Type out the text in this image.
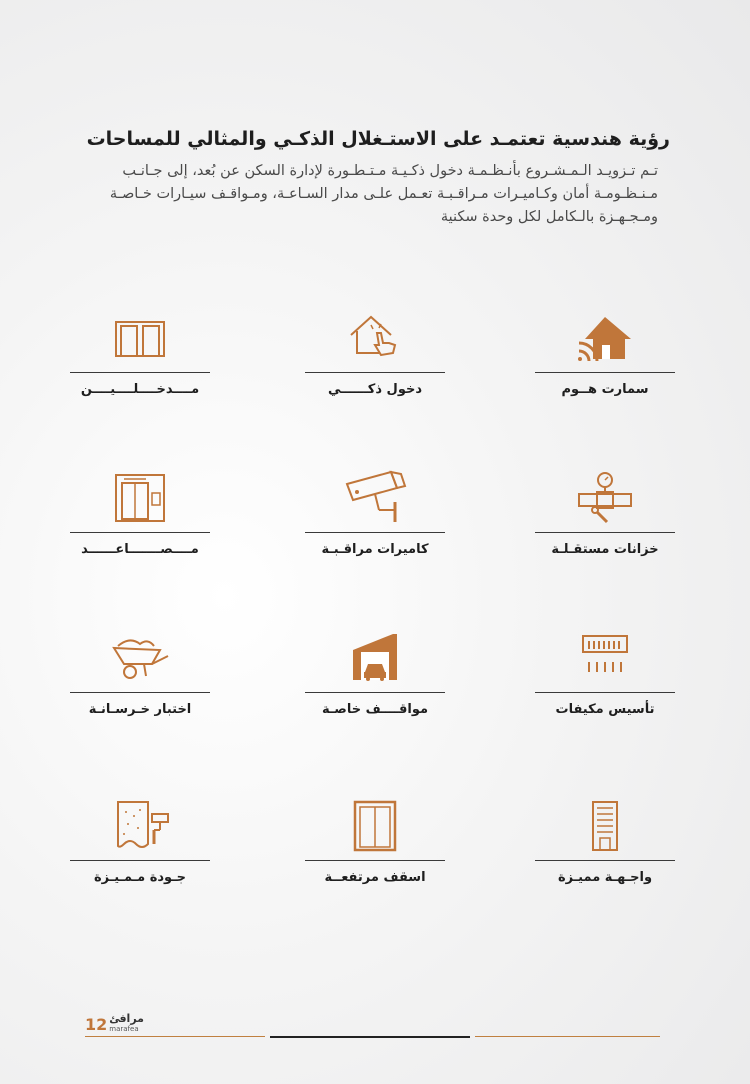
رؤية هندسية تعتمـد على الاستـغلال الذكـي والمثالي للمساحات
تـم تـزويـد الـمـشـروع بأنـظـمـة دخول ذكـيـة مـتـطـورة لإدارة السكن عن بُعد، إلى جـانـب مـنـظـومـة أمان وكـاميـرات مـراقـبـة تعـمل علـى مدار السـاعـة، ومـواقـف سيـارات خـاصـة ومـجـهـزة بالـكامل لكل وحدة سكنية
سمارت هــوم
دخول ذكــــــي
مــــدخــــلــــيــــن
خزانات مستقـلـة
كاميرات مراقـبـة
مــــصـــــــاعــــــد
تأسيس مكيفات
مواقــــف خاصـة
اختبار خـرسـانـة
واجـهـة مميـزة
اسقف مرتفعــة
جـودة مـمـيـزة
12 مرافئ
marafea
